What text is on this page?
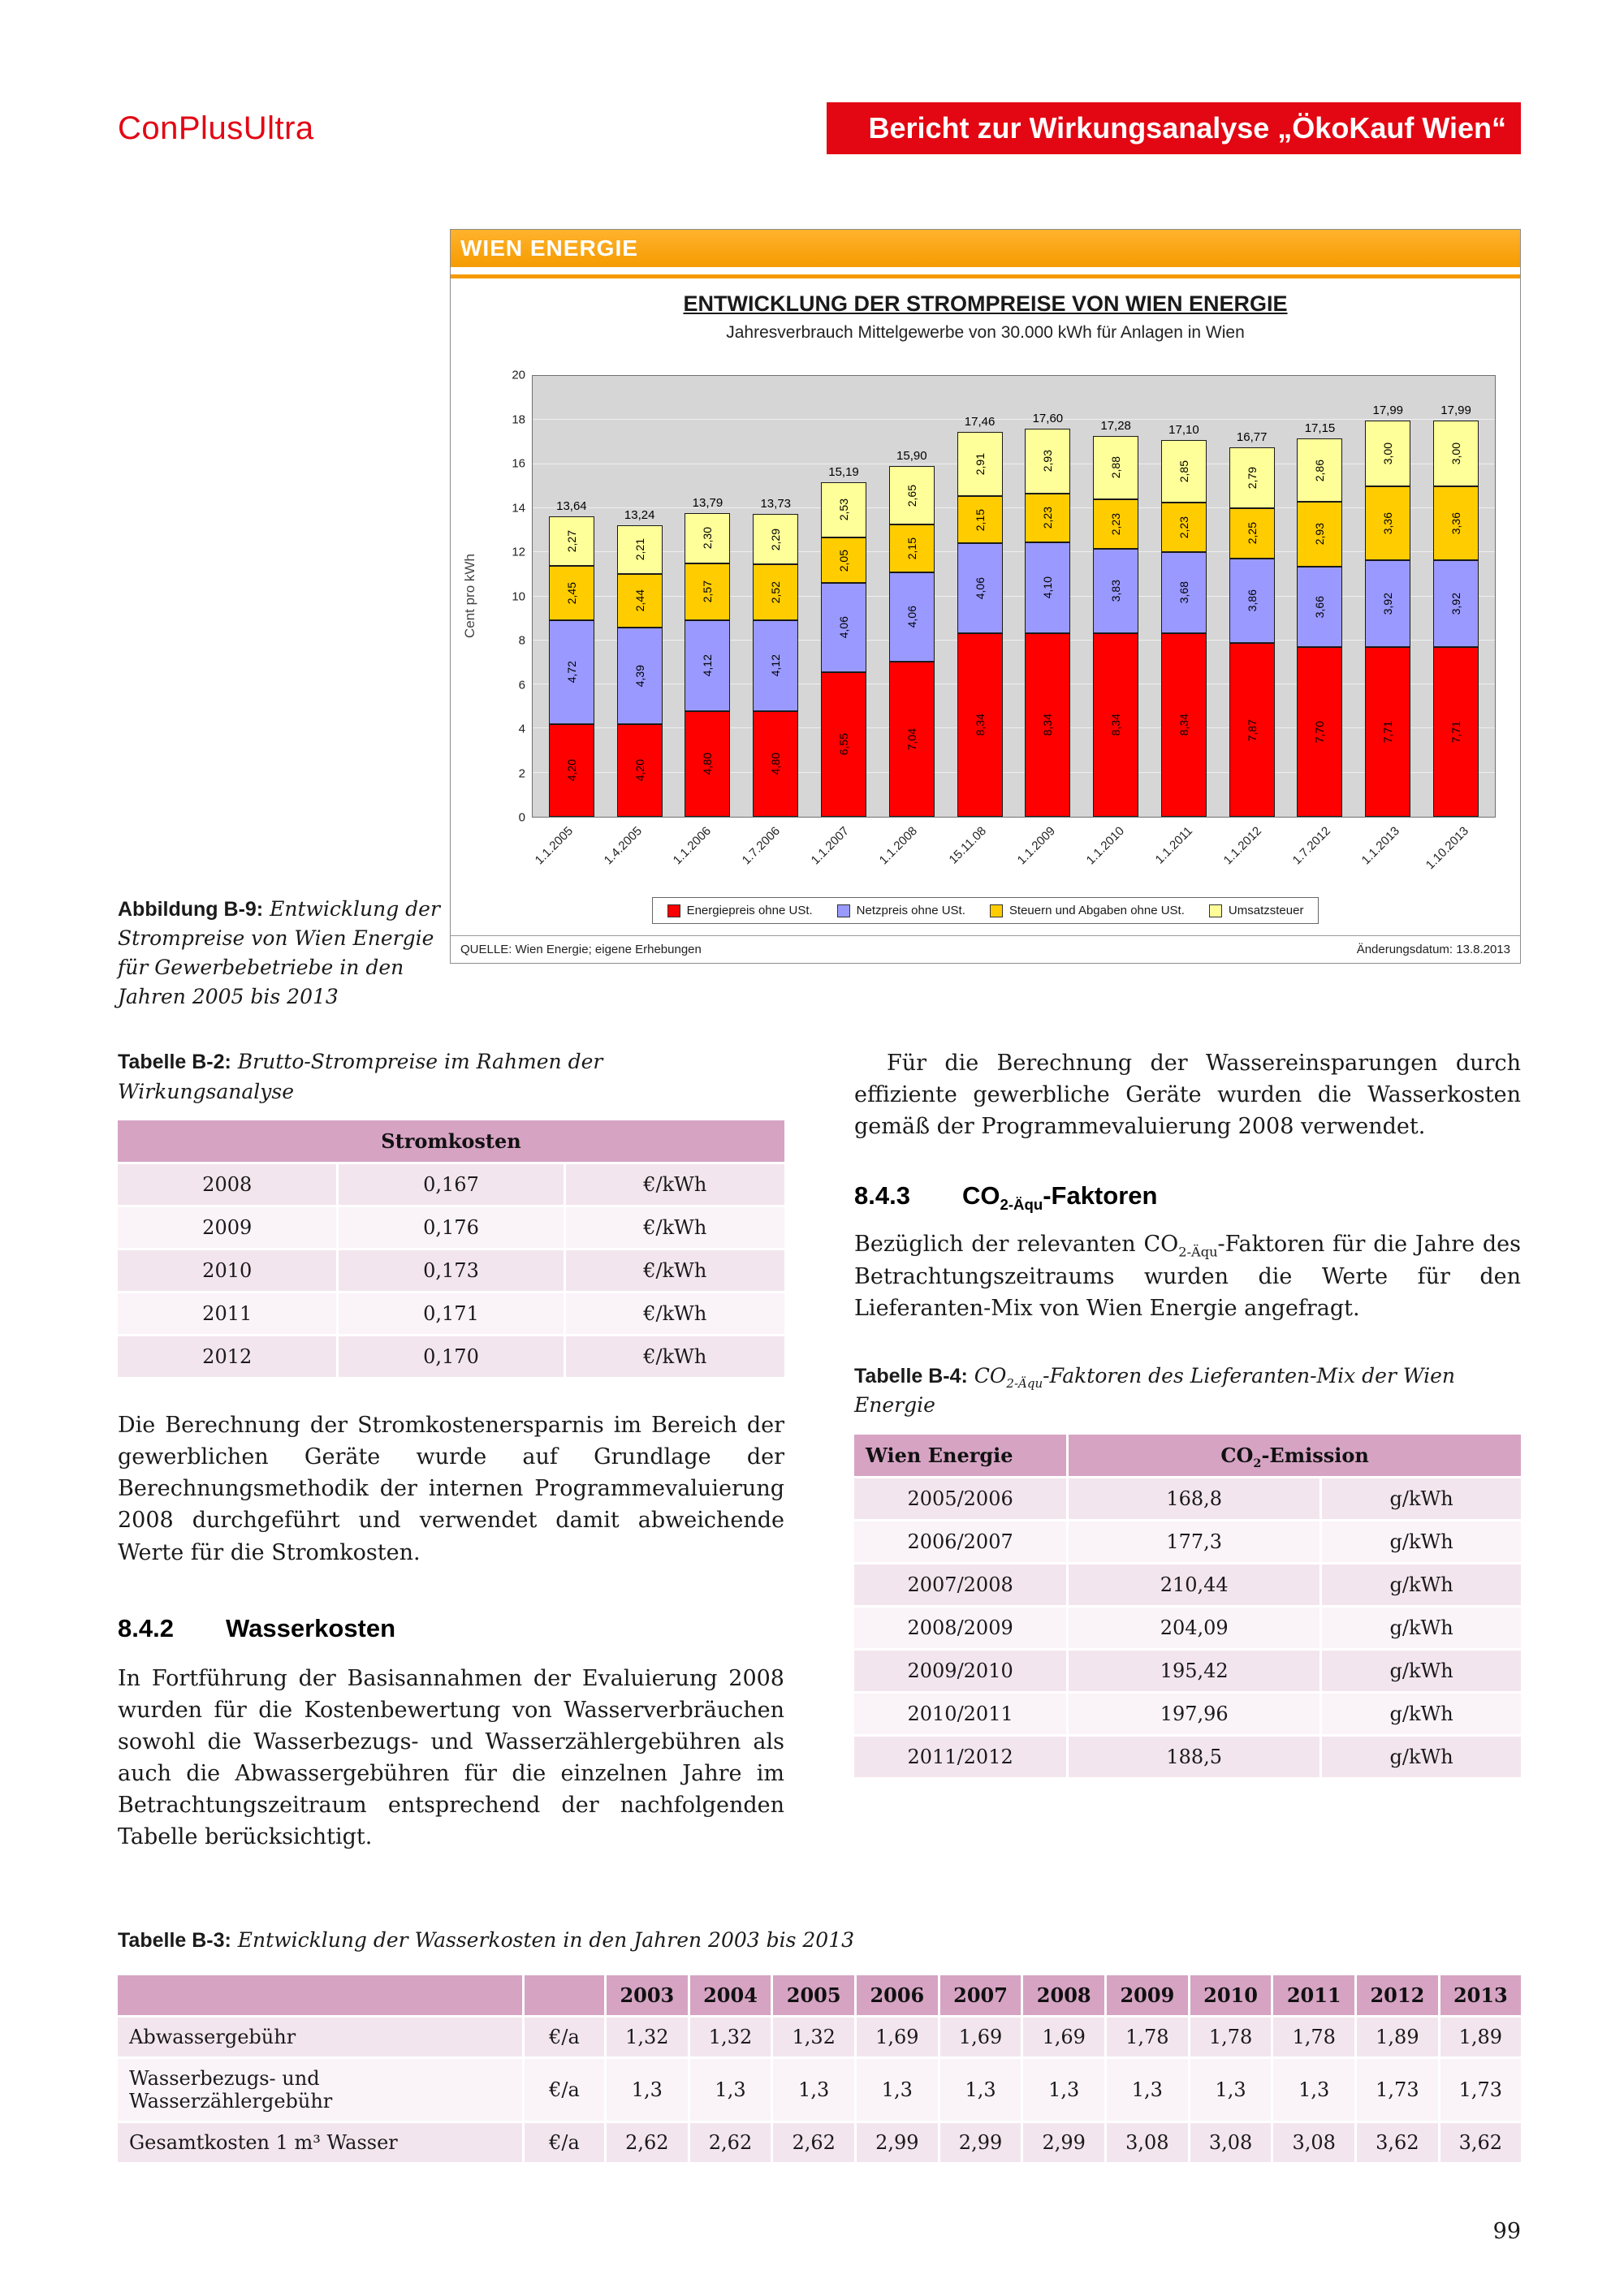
ConPlusUltra	Bericht zur Wirkungsanalyse „ÖkoKauf Wien“
Abbildung B-9: Entwicklung der Strompreise von Wien Energie für Gewerbebetriebe in den Jahren 2005 bis 2013
WIEN ENERGIE
ENTWICKLUNG DER STROMPREISE VON WIEN ENERGIE
Jahresverbrauch Mittelgewerbe von 30.000 kWh für Anlagen in Wien
Cent pro kWh
0
2
4
6
8
10
12
14
16
18
20
4,20
4,72
2,45
2,27
13,64
4,20
4,39
2,44
2,21
13,24
4,80
4,12
2,57
2,30
13,79
4,80
4,12
2,52
2,29
13,73
6,55
4,06
2,05
2,53
15,19
7,04
4,06
2,15
2,65
15,90
8,34
4,06
2,15
2,91
17,46
8,34
4,10
2,23
2,93
17,60
8,34
3,83
2,23
2,88
17,28
8,34
3,68
2,23
2,85
17,10
7,87
3,86
2,25
2,79
16,77
7,70
3,66
2,93
2,86
17,15
7,71
3,92
3,36
3,00
17,99
7,71
3,92
3,36
3,00
17,99
1.1.2005 1.4.2005 1.1.2006 1.7.2006 1.1.2007 1.1.2008 15.11.08 1.1.2009 1.1.2010 1.1.2011 1.1.2012 1.7.2012 1.1.2013 1.10.2013
Energiepreis ohne USt.	Netzpreis ohne USt.	Steuern und Abgaben ohne USt.	Umsatzsteuer
QUELLE: Wien Energie; eigene Erhebungen	Änderungsdatum: 13.8.2013
Tabelle B-2: Brutto-Strompreise im Rahmen der Wirkungsanalyse
Stromkosten		
2008	0,167	€/kWh
2009	0,176	€/kWh
2010	0,173	€/kWh
2011	0,171	€/kWh
2012	0,170	€/kWh

Die Berechnung der Stromkostenersparnis im Bereich der gewerblichen Geräte wurde auf Grundlage der Berechnungsmethodik der internen Programmevaluierung 2008 durchgeführt und verwendet damit abweichende Werte für die Stromkosten.

8.4.2	Wasserkosten

In Fortführung der Basisannahmen der Evaluierung 2008 wurden für die Kostenbewertung von Wasserverbräuchen sowohl die Wasserbezugs- und Wasserzählergebühren als auch die Abwassergebühren für die einzelnen Jahre im Betrachtungszeitraum entsprechend der nachfolgenden Tabelle berücksichtigt.

Für die Berechnung der Wassereinsparungen durch effiziente gewerbliche Geräte wurden die Wasserkosten gemäß der Programmevaluierung 2008 verwendet.

8.4.3	$CO_{2-Äqu}$-Faktoren

Bezüglich der relevanten $CO_{2-Äqu}$-Faktoren für die Jahre des Betrachtungszeitraums wurden die Werte für den Lieferanten-Mix von Wien Energie angefragt.

Tabelle B-4: $CO_{2-Äqu}$-Faktoren des Lieferanten-Mix der Wien Energie
Wien Energie	$CO_2$-Emission	
2005/2006	168,8	g/kWh
2006/2007	177,3	g/kWh
2007/2008	210,44	g/kWh
2008/2009	204,09	g/kWh
2009/2010	195,42	g/kWh
2010/2011	197,96	g/kWh
2011/2012	188,5	g/kWh
Tabelle B-3: Entwicklung der Wasserkosten in den Jahren 2003 bis 2013
		2003	2004	2005	2006	2007	2008	2009	2010	2011	2012	2013
Abwassergebühr	€/a	1,32	1,32	1,32	1,69	1,69	1,69	1,78	1,78	1,78	1,89	1,89
Wasserbezugs- und Wasserzählergebühr	€/a	1,3	1,3	1,3	1,3	1,3	1,3	1,3	1,3	1,3	1,73	1,73
Gesamtkosten 1 m³ Wasser	€/a	2,62	2,62	2,62	2,99	2,99	2,99	3,08	3,08	3,08	3,62	3,62
99
